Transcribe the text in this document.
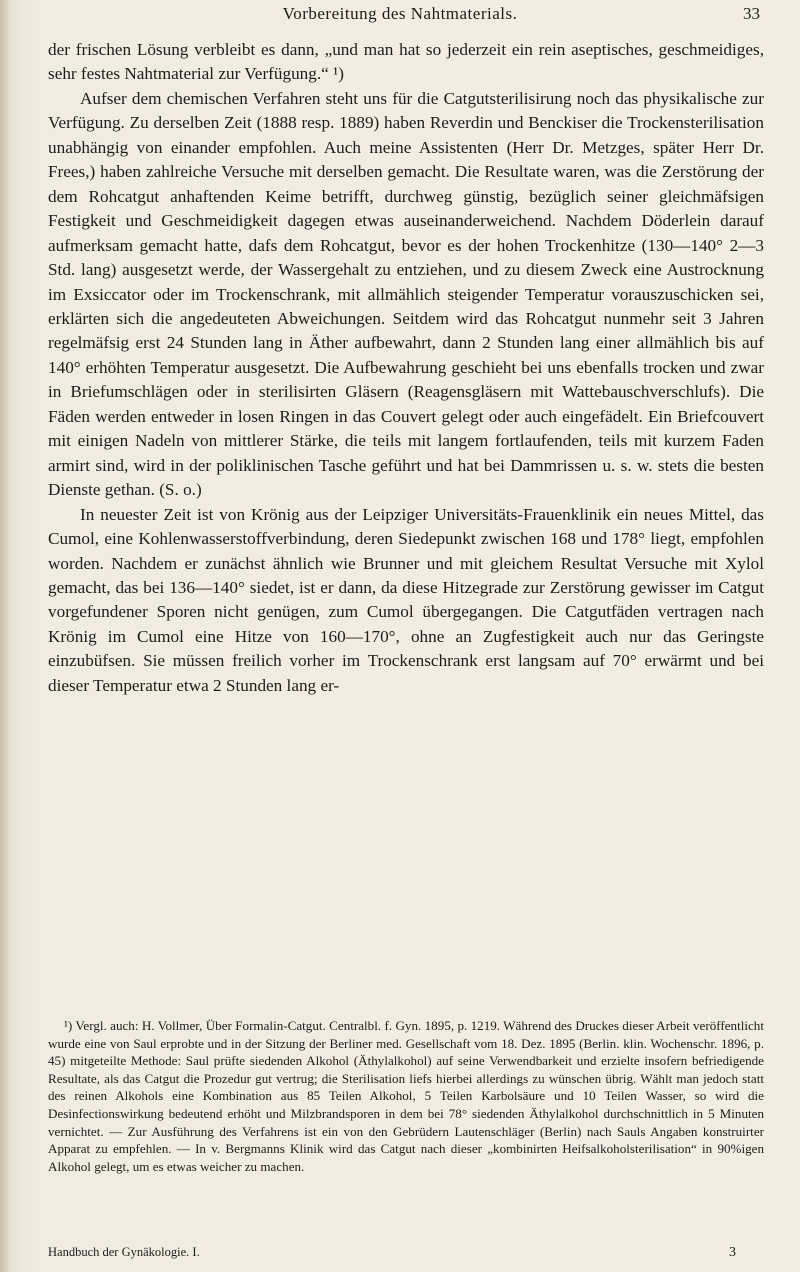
Vorbereitung des Nahtmaterials.	33

der frischen Lösung verbleibt es dann, „und man hat so jederzeit ein rein aseptisches, geschmeidiges, sehr festes Nahtmaterial zur Verfügung.“ ¹)

Aufser dem chemischen Verfahren steht uns für die Catgutsterilisirung noch das physikalische zur Verfügung. Zu derselben Zeit (1888 resp. 1889) haben Reverdin und Benckiser die Trockensterilisation unabhängig von einander empfohlen. Auch meine Assistenten (Herr Dr. Metzges, später Herr Dr. Frees,) haben zahlreiche Versuche mit derselben gemacht. Die Resultate waren, was die Zerstörung der dem Rohcatgut anhaftenden Keime betrifft, durchweg günstig, bezüglich seiner gleichmäfsigen Festigkeit und Geschmeidigkeit dagegen etwas auseinanderweichend. Nachdem Döderlein darauf aufmerksam gemacht hatte, dafs dem Rohcatgut, bevor es der hohen Trockenhitze (130—140° 2—3 Std. lang) ausgesetzt werde, der Wassergehalt zu entziehen, und zu diesem Zweck eine Austrocknung im Exsiccator oder im Trockenschrank, mit allmählich steigender Temperatur vorauszuschicken sei, erklärten sich die angedeuteten Abweichungen. Seitdem wird das Rohcatgut nunmehr seit 3 Jahren regelmäfsig erst 24 Stunden lang in Äther aufbewahrt, dann 2 Stunden lang einer allmählich bis auf 140° erhöhten Temperatur ausgesetzt. Die Aufbewahrung geschieht bei uns ebenfalls trocken und zwar in Briefumschlägen oder in sterilisirten Gläsern (Reagensgläsern mit Wattebauschverschlufs). Die Fäden werden entweder in losen Ringen in das Couvert gelegt oder auch eingefädelt. Ein Briefcouvert mit einigen Nadeln von mittlerer Stärke, die teils mit langem fortlaufenden, teils mit kurzem Faden armirt sind, wird in der poliklinischen Tasche geführt und hat bei Dammrissen u. s. w. stets die besten Dienste gethan. (S. o.)

In neuester Zeit ist von Krönig aus der Leipziger Universitäts-Frauenklinik ein neues Mittel, das Cumol, eine Kohlenwasserstoffverbindung, deren Siedepunkt zwischen 168 und 178° liegt, empfohlen worden. Nachdem er zunächst ähnlich wie Brunner und mit gleichem Resultat Versuche mit Xylol gemacht, das bei 136—140° siedet, ist er dann, da diese Hitzegrade zur Zerstörung gewisser im Catgut vorgefundener Sporen nicht genügen, zum Cumol übergegangen. Die Catgutfäden vertragen nach Krönig im Cumol eine Hitze von 160—170°, ohne an Zugfestigkeit auch nur das Geringste einzubüfsen. Sie müssen freilich vorher im Trockenschrank erst langsam auf 70° erwärmt und bei dieser Temperatur etwa 2 Stunden lang er-

¹) Vergl. auch: H. Vollmer, Über Formalin-Catgut. Centralbl. f. Gyn. 1895, p. 1219. Während des Druckes dieser Arbeit veröffentlicht wurde eine von Saul erprobte und in der Sitzung der Berliner med. Gesellschaft vom 18. Dez. 1895 (Berlin. klin. Wochenschr. 1896, p. 45) mitgeteilte Methode: Saul prüfte siedenden Alkohol (Äthylalkohol) auf seine Verwendbarkeit und erzielte insofern befriedigende Resultate, als das Catgut die Prozedur gut vertrug; die Sterilisation liefs hierbei allerdings zu wünschen übrig. Wählt man jedoch statt des reinen Alkohols eine Kombination aus 85 Teilen Alkohol, 5 Teilen Karbolsäure und 10 Teilen Wasser, so wird die Desinfectionswirkung bedeutend erhöht und Milzbrandsporen in dem bei 78° siedenden Äthylalkohol durchschnittlich in 5 Minuten vernichtet. — Zur Ausführung des Verfahrens ist ein von den Gebrüdern Lautenschläger (Berlin) nach Sauls Angaben konstruirter Apparat zu empfehlen. — In v. Bergmanns Klinik wird das Catgut nach dieser „kombinirten Heifsalkoholsterilisation“ in 90%igen Alkohol gelegt, um es etwas weicher zu machen.

Handbuch der Gynäkologie. I.	3
